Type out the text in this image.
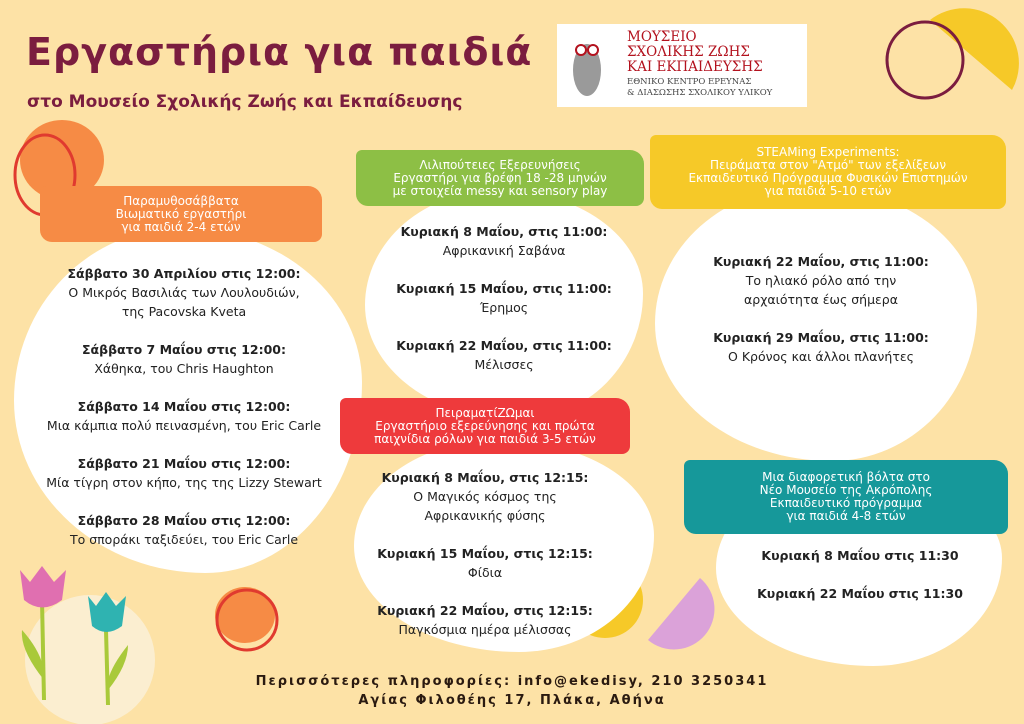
Εργαστήρια για παιδιά
στο Μουσείο Σχολικής Ζωής και Εκπαίδευσης
ΜΟΥΣΕΙΟ
ΣΧΟΛΙΚΗΣ ΖΩΗΣ
ΚΑΙ ΕΚΠΑΙΔΕΥΣΗΣ
ΕΘΝΙΚΟ ΚΕΝΤΡΟ ΕΡΕΥΝΑΣ
& ΔΙΑΣΩΣΗΣ ΣΧΟΛΙΚΟΥ ΥΛΙΚΟΥ
Παραμυθοσάββατα
Βιωματικό εργαστήρι
για παιδιά 2-4 ετών
Λιλιπούτειες Εξερευνήσεις
Εργαστήρι για βρέφη 18 -28 μηνών
με στοιχεία messy και sensory play
STEAMing Experiments:
Πειράματα στον "Ατμό" των εξελίξεων
Εκπαιδευτικό Πρόγραμμα Φυσικών Επιστημών
για παιδιά 5-10 ετών
ΠειραματίΖΩμαι
Εργαστήριο εξερεύνησης και πρώτα
παιχνίδια ρόλων για παιδιά 3-5 ετών
Μια διαφορετική βόλτα στο
Νέο Μουσείο της Ακρόπολης
Εκπαιδευτικό πρόγραμμα
για παιδιά 4-8 ετών
Σάββατο 30 Απριλίου στις 12:00:
Ο Μικρός Βασιλιάς των Λουλουδιών,
της Pacovska Kveta
Σάββατο 7 Μαΐου στις 12:00:
Χάθηκα, του Chris Haughton
Σάββατο 14 Μαΐου στις 12:00:
Μια κάμπια πολύ πεινασμένη, του Eric Carle
Σάββατο 21 Μαΐου στις 12:00:
Μία τίγρη στον κήπο, της της Lizzy Stewart
Σάββατο 28 Μαΐου στις 12:00:
Το σποράκι ταξιδεύει, του Eric Carle
Κυριακή 8 Μαΐου, στις 11:00:
Αφρικανική Σαβάνα
Κυριακή 15 Μαΐου, στις 11:00:
Έρημος
Κυριακή 22 Μαΐου, στις 11:00:
Μέλισσες
Κυριακή 22 Μαΐου, στις 11:00:
Το ηλιακό ρόλο από την
αρχαιότητα έως σήμερα
Κυριακή 29 Μαΐου, στις 11:00:
Ο Κρόνος και άλλοι πλανήτες
Κυριακή 8 Μαΐου, στις 12:15:
Ο Μαγικός κόσμος της
Αφρικανικής φύσης
Κυριακή 15 Μαΐου, στις 12:15:
Φίδια
Κυριακή 22 Μαΐου, στις 12:15:
Παγκόσμια ημέρα μέλισσας
Κυριακή 8 Μαΐου στις 11:30
Κυριακή 22 Μαΐου στις 11:30
Περισσότερες πληροφορίες: info@ekedisy, 210 3250341
Αγίας Φιλοθέης 17, Πλάκα, Αθήνα
